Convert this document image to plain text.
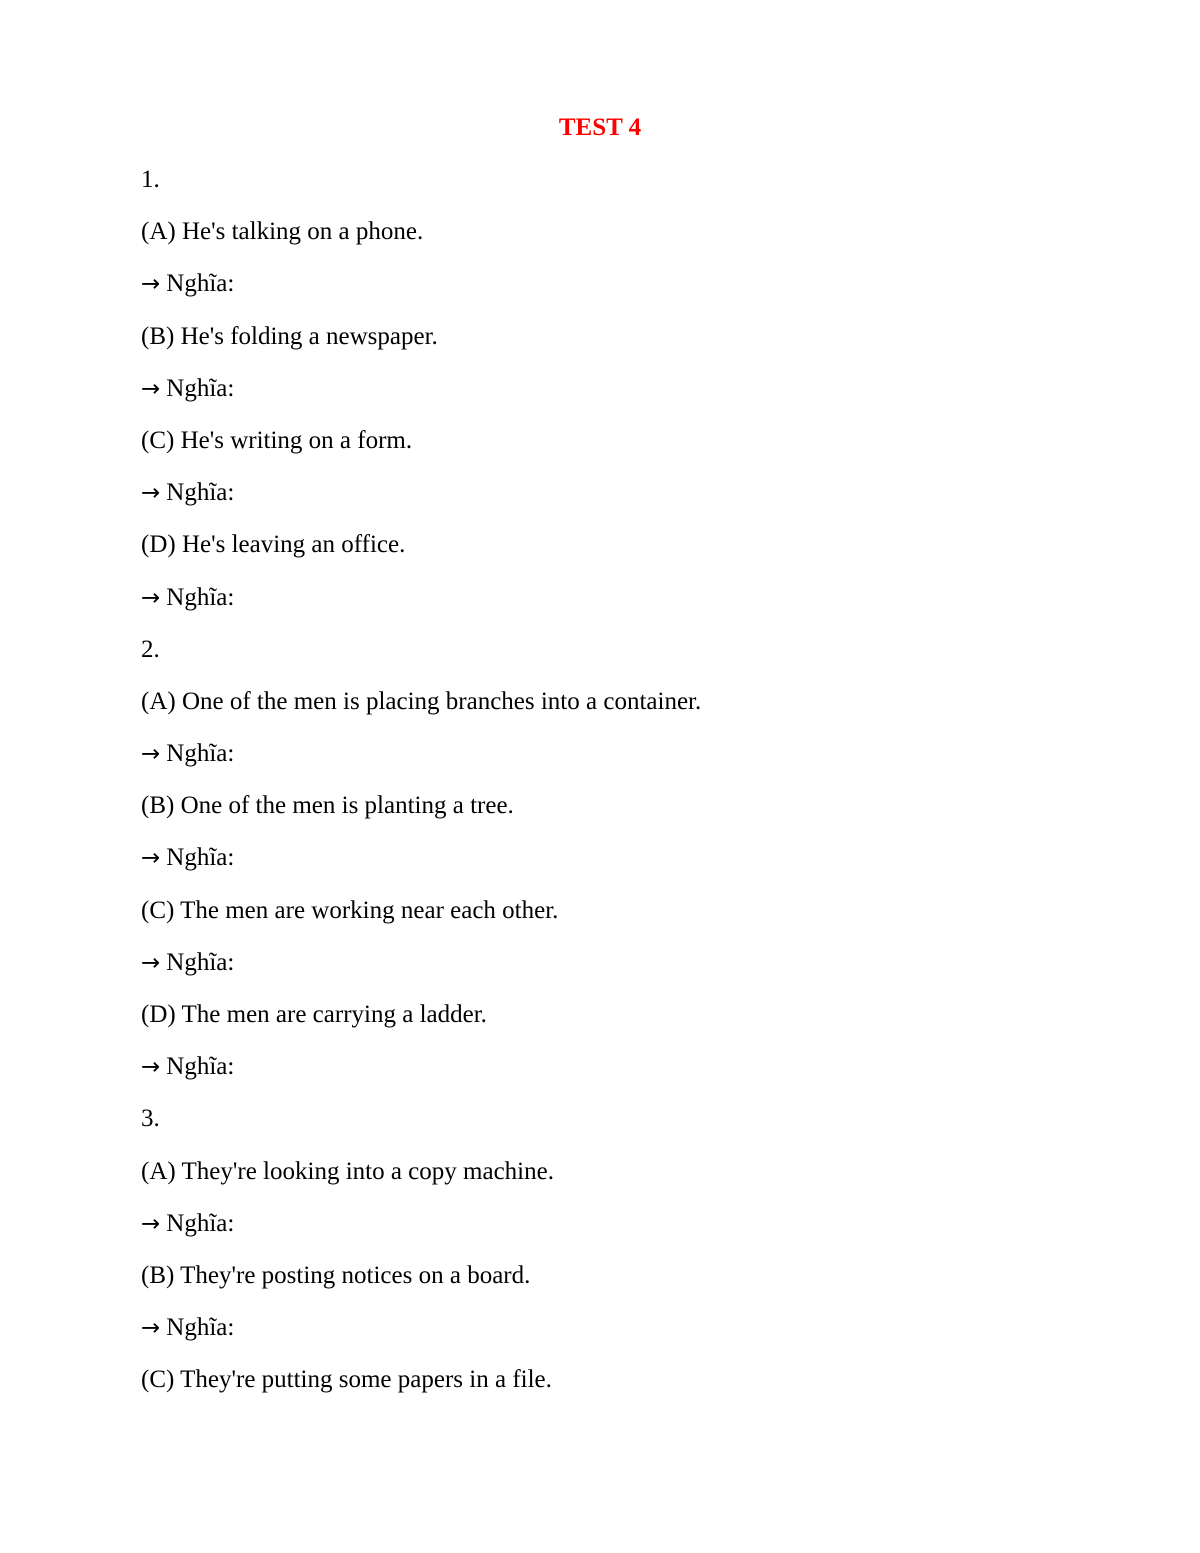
TEST 4
1.
(A) He's talking on a phone.
→ Nghĩa:
(B) He's folding a newspaper.
→ Nghĩa:
(C) He's writing on a form.
→ Nghĩa:
(D) He's leaving an office.
→ Nghĩa:
2.
(A) One of the men is placing branches into a container.
→ Nghĩa:
(B) One of the men is planting a tree.
→ Nghĩa:
(C) The men are working near each other.
→ Nghĩa:
(D) The men are carrying a ladder.
→ Nghĩa:
3.
(A) They're looking into a copy machine.
→ Nghĩa:
(B) They're posting notices on a board.
→ Nghĩa:
(C) They're putting some papers in a file.
